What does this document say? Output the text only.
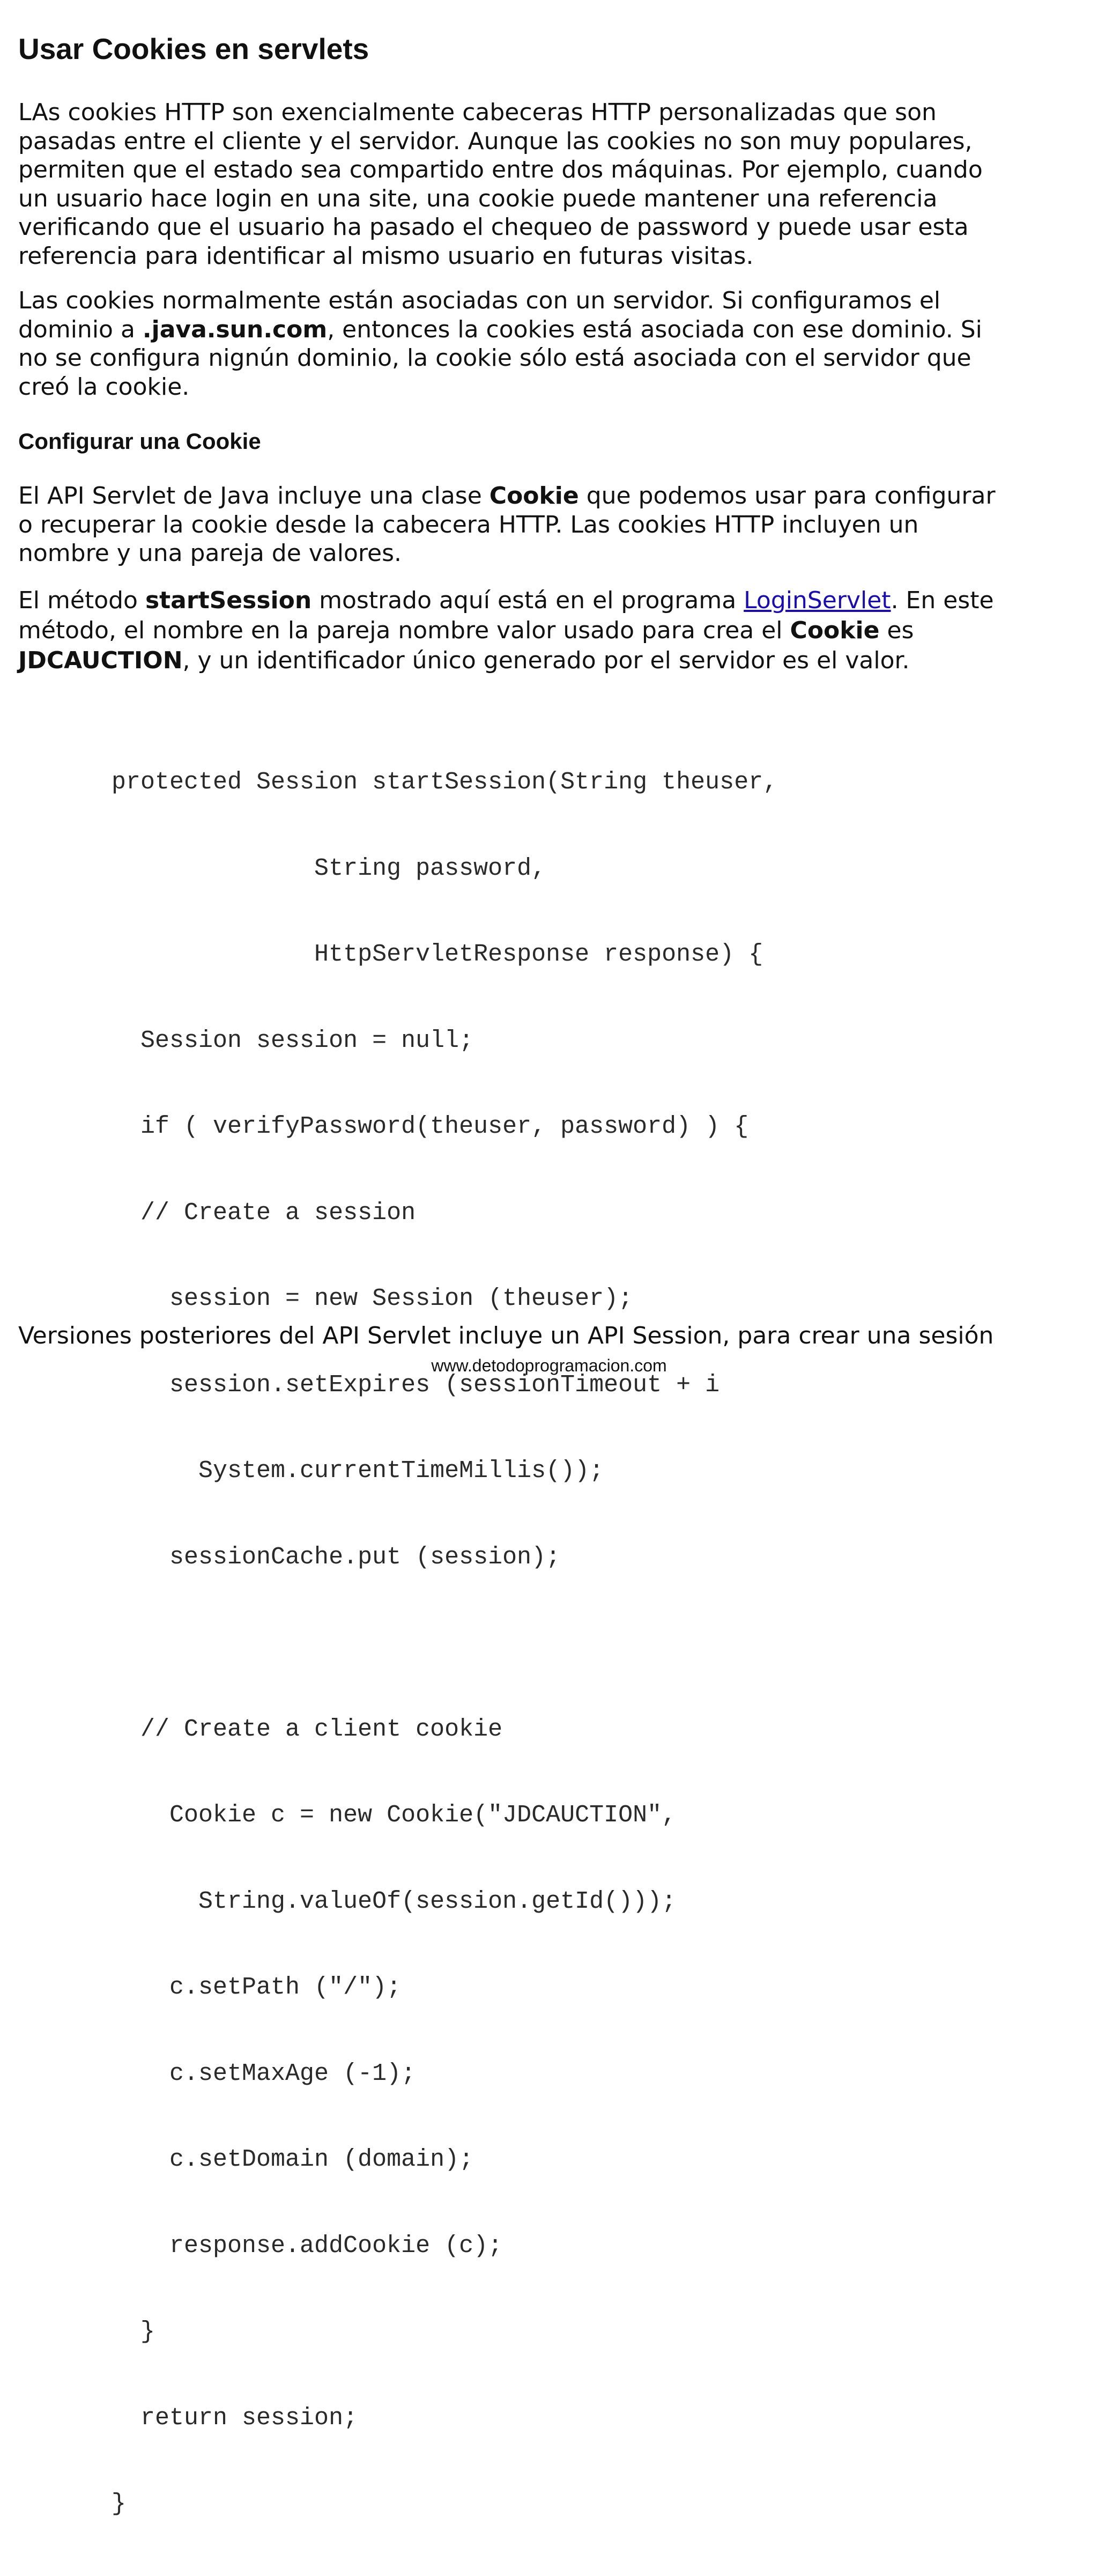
Usar Cookies en servlets

LAs cookies HTTP son exencialmente cabeceras HTTP personalizadas que son
pasadas entre el cliente y el servidor. Aunque las cookies no son muy populares,
permiten que el estado sea compartido entre dos máquinas. Por ejemplo, cuando
un usuario hace login en una site, una cookie puede mantener una referencia
verificando que el usuario ha pasado el chequeo de password y puede usar esta
referencia para identificar al mismo usuario en futuras visitas.

Las cookies normalmente están asociadas con un servidor. Si configuramos el
dominio a .java.sun.com, entonces la cookies está asociada con ese dominio. Si
no se configura nignún dominio, la cookie sólo está asociada con el servidor que
creó la cookie.

Configurar una Cookie

El API Servlet de Java incluye una clase Cookie que podemos usar para configurar
o recuperar la cookie desde la cabecera HTTP. Las cookies HTTP incluyen un
nombre y una pareja de valores.

El método startSession mostrado aquí está en el programa LoginServlet. En este
método, el nombre en la pareja nombre valor usado para crea el Cookie es
JDCAUCTION, y un identificador único generado por el servidor es el valor.

protected Session startSession(String theuser,

String password,

HttpServletResponse response) {

Session session = null;

if ( verifyPassword(theuser, password) ) {

// Create a session

session = new Session (theuser);

session.setExpires (sessionTimeout + i

System.currentTimeMillis());

sessionCache.put (session);

// Create a client cookie

Cookie c = new Cookie("JDCAUCTION",

String.valueOf(session.getId()));

c.setPath ("/");

c.setMaxAge (-1);

c.setDomain (domain);

response.addCookie (c);

}

return session;

}

Versiones posteriores del API Servlet incluye un API Session, para crear una sesión

www.detodoprogramacion.com
